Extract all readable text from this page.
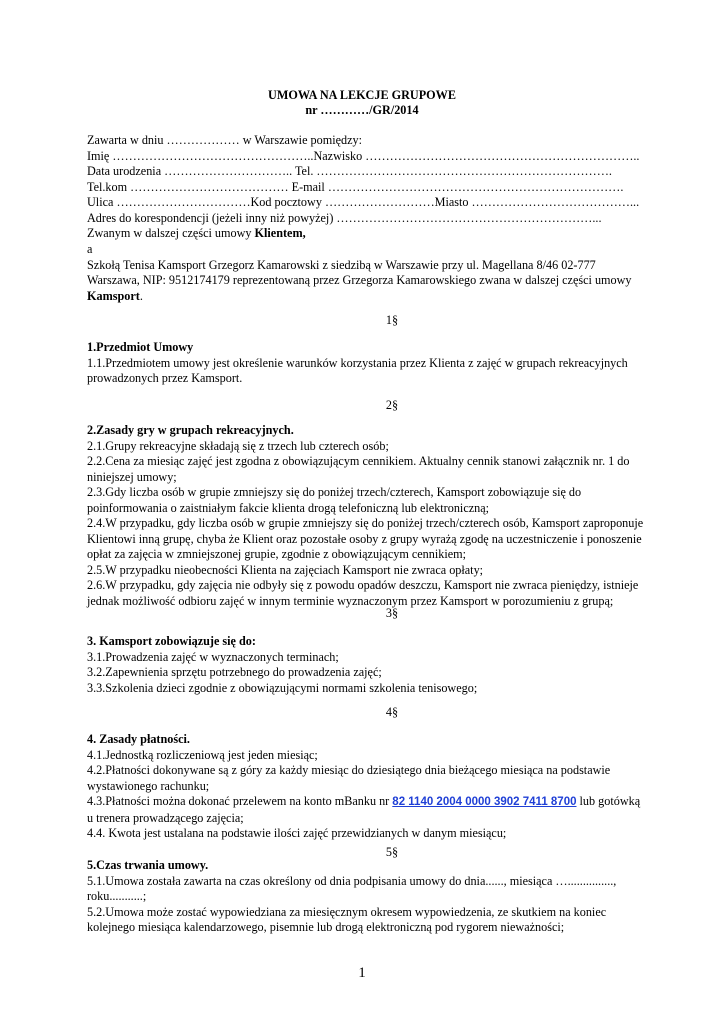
UMOWA NA LEKCJE GRUPOWE
nr …………/GR/2014
Zawarta w dniu ……………… w Warszawie pomiędzy:
Imię …………………………………………..Nazwisko …………………………………………………………..
Data urodzenia ………………………….. Tel. ……………………………………………………………….
Tel.kom ………………………………… E-mail ……………………………………………………………….
Ulica ……………………………Kod pocztowy ………………………Miasto …………………………………...
Adres do korespondencji (jeżeli inny niż powyżej) ………………………………………………………...
Zwanym w dalszej części umowy Klientem,
a
Szkołą Tenisa Kamsport Grzegorz Kamarowski z siedzibą w Warszawie przy ul. Magellana 8/46 02-777 Warszawa, NIP: 9512174179 reprezentowaną przez Grzegorza Kamarowskiego zwana w dalszej części umowy Kamsport.
1§
1.Przedmiot Umowy
1.1.Przedmiotem umowy jest określenie warunków korzystania przez Klienta z zajęć w grupach rekreacyjnych prowadzonych przez Kamsport.
2§
2.Zasady gry w grupach rekreacyjnych.
2.1.Grupy rekreacyjne składają się z trzech lub czterech osób;
2.2.Cena za miesiąc zajęć jest zgodna z obowiązującym cennikiem. Aktualny cennik stanowi załącznik nr. 1 do niniejszej umowy;
2.3.Gdy liczba osób w grupie zmniejszy się do poniżej trzech/czterech, Kamsport zobowiązuje się do poinformowania o zaistniałym fakcie klienta drogą telefoniczną lub elektroniczną;
2.4.W przypadku, gdy liczba osób w grupie zmniejszy się do poniżej trzech/czterech osób, Kamsport zaproponuje Klientowi inną grupę, chyba że Klient oraz pozostałe osoby z grupy wyrażą zgodę na uczestniczenie i ponoszenie opłat za zajęcia w zmniejszonej grupie, zgodnie z obowiązującym cennikiem;
2.5.W przypadku nieobecności Klienta na zajęciach Kamsport nie zwraca opłaty;
2.6.W przypadku, gdy zajęcia nie odbyły się z powodu opadów deszczu, Kamsport nie zwraca pieniędzy, istnieje jednak możliwość odbioru zajęć w innym terminie wyznaczonym przez Kamsport w porozumieniu z grupą;
3§
3. Kamsport zobowiązuje się do:
3.1.Prowadzenia zajęć w wyznaczonych terminach;
3.2.Zapewnienia sprzętu potrzebnego do prowadzenia zajęć;
3.3.Szkolenia dzieci zgodnie z obowiązującymi normami szkolenia tenisowego;
4§
4. Zasady płatności.
4.1.Jednostką rozliczeniową jest jeden miesiąc;
4.2.Płatności dokonywane są z góry za każdy miesiąc do dziesiątego dnia bieżącego miesiąca na podstawie wystawionego rachunku;
4.3.Płatności można dokonać przelewem na konto mBanku nr 82 1140 2004 0000 3902 7411 8700 lub gotówką u trenera prowadzącego zajęcia;
4.4. Kwota jest ustalana na podstawie ilości zajęć przewidzianych w danym miesiącu;
5§
5.Czas trwania umowy.
5.1.Umowa została zawarta na czas określony od dnia podpisania umowy do dnia......, miesiąca …..............., roku...........;
5.2.Umowa może zostać wypowiedziana za miesięcznym okresem wypowiedzenia, ze skutkiem na koniec kolejnego miesiąca kalendarzowego, pisemnie lub drogą elektroniczną pod rygorem nieważności;
1
